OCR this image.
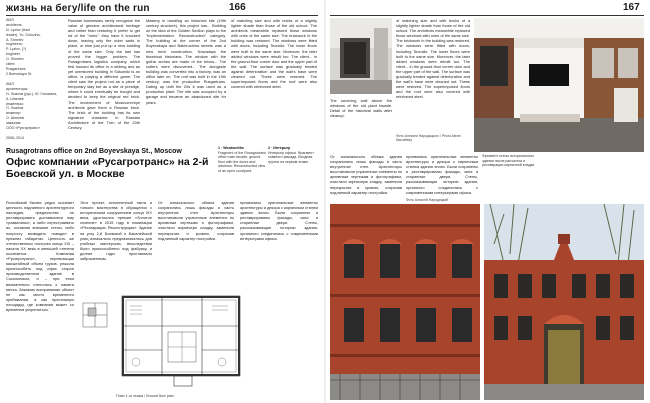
жизнь на бегу/life on the run	166	167
АМЛ
architects:
N. Lyzlov (lead
leader), Yu. Golovina,
A. Shnelev
engineers:
P. Lyzlov, (?)
engineer
O. Shnelev
client:
Rusgartrans
2 Boevskaya St.
АМЛ
архитекторы:
Н. Лызлов (рук.), Ю. Головина,
А. Шнелев
инженеры:
П. Лызлов
инженер:
О. Шнелев
заказчик:
ООО «Русгартранс»
2006–2014

Russian businesses rarely recognize the value of genuine architectural heritage and rather than restoring it prefer to get rid of the "ruins": they have it knocked down, leaving only the outer walls in place, or else just put up a new building of the same size. Only the last has proved the bigger problem. The Rusagrotrans logistics company, which first housed its office in a striking and as yet unrestored building in Sokolniki is an office, is playing a different game. The client saw the project not as a piece of temporary stay but as a site of prestige, where it could eventually be bought and decided to keep the original red brick. The involvement of Moskvorechye architects gave them a Russian brick. The brick of the building has its own signature character in Russian Architecture of the Turn of the 20th Century.

Mastery in handling an historical site (19th century structure), this project has... Building on the idea of the Golden Section plays to the "implementation. Reconstruction" category. The building at the corner of the 2nd Boyevskaya and Bakhrushina streets was a new brick construction. Nowadays the theatrical historians. The window with the gothic arches are made of the bricks... The cutters were discovered... The alongside building was converted into a factory, was an office later on. The unit was built in the 19th century, was the production Rusgartrans. Dating up until the 20s it was used as a production plant. The site was occupied by a garage and became an abandoned site for years.

of matching size and with bricks of a slightly lighter shade than those of the old school. The architects meanwhile replaced those windows with ones of the same size. The brickwork in the building was restored. The windows were fitted with doors, including Tecnalix. The lower floors were built to the same size. Moreover, the later added windows were rebuilt too. The client... in the ground-floor corner door and the upper part of the wall. The surface was gradually treated against deterioration and the wall's base were cleaned out. These were restored. The superimposed floors and the roof were also covered with reinforced steel.

Rusagrotrans office on 2nd Boyevskaya St., Moscow
Офис компании «Русагротранс» на 2-й Боевской ул. в Москве
1 · Wordsmiths
Fragment of the Rusagrotrans office main facade, ground floor with the doors and windows. Reconstructed view of an open courtyard.
2 · Интерьер
Интерьер офиса. Фрагмент главного фасада. Входная группа на первом этаже.

Российский бизнес редко осознает ценность подлинного архитектурного наследия, предпочитая не реставрировать доставшиеся ему «развалины», а либо перестраивать их, оставляя внешние стены, либо попросту возводить новодел в прежних габаритах. Ценность же отечественных построек конца XIX – начала XX века в меньшей степени осознается. Компания «Русагротранс», перевозящая масштабный объем грузов, решила приспособить под офис старое производственное здание в Сокольниках, и – при этом внимательно отнеслась к памяти места. Заказчик воспринимал объект не как место временного пребывания, а как престижную площадку, где компания может со временем укорениться.

Этот проект, исполненный такта и тонкого мастерства в обращении с историческим сооружением конца XIX века, удостоился премии «Золотое сечение» в 2015 году в номинации «Реставрация. Реконструкция». Здание на углу 2-й Боевской и Бакалейской улиц изначально предназначалось для учебных мастерских, впоследствии было приспособлено под фабрику, и долгие годы простаивало заброшенным.

От изначального облика здания сохранились лишь фасады и часть внутренних стен. Архитекторы восстановили утраченные элементы по архивным чертежам и фотографиям, очистили кирпичную кладку, заменили перекрытия и кровлю, сохранив подлинный характер постройки.

проявились оригинальные элементы архитектуры и декора с кирпичным стилем здания эпохи. Были сохранены и реставрированы фасады, окна и старинные двери. Стены, рассказывающие историю здания, органично соединились с современными интерьерами офиса.

План 1-го этажа / Ground floor plan

The surviving wall above the windows of the old plant facade. Detail of the historical walls after cleanup.

of matching size and with bricks of a slightly lighter shade than those of the old school. The architects meanwhile replaced those windows with ones of the same size. The brickwork in the building was restored. The windows were fitted with doors, including Tecnalix. The lower floors were built to the same size. Moreover, the later added windows were rebuilt too. The client... in the ground-floor corner door and the upper part of the wall. The surface was gradually treated against deterioration and the wall's base were cleaned out. These were restored. The superimposed floors and the roof were also covered with reinforced steel.

Фото Алексея Народицкого / Photo Alexei Naroditsky

От изначального облика здания сохранились лишь фасады и часть внутренних стен. Архитекторы восстановили утраченные элементы по архивным чертежам и фотографиям, очистили кирпичную кладку, заменили перекрытия и кровлю, сохранив подлинный характер постройки.

проявились оригинальные элементы архитектуры и декора с кирпичным стилем здания эпохи. Были сохранены и реставрированы фасады, окна и старинные двери. Стены, рассказывающие историю здания, органично соединились с современными интерьерами офиса.

Фрагмент стены исторического здания после расчистки и реставрации кирпичной кладки.
Фото Алексей Народицкий
